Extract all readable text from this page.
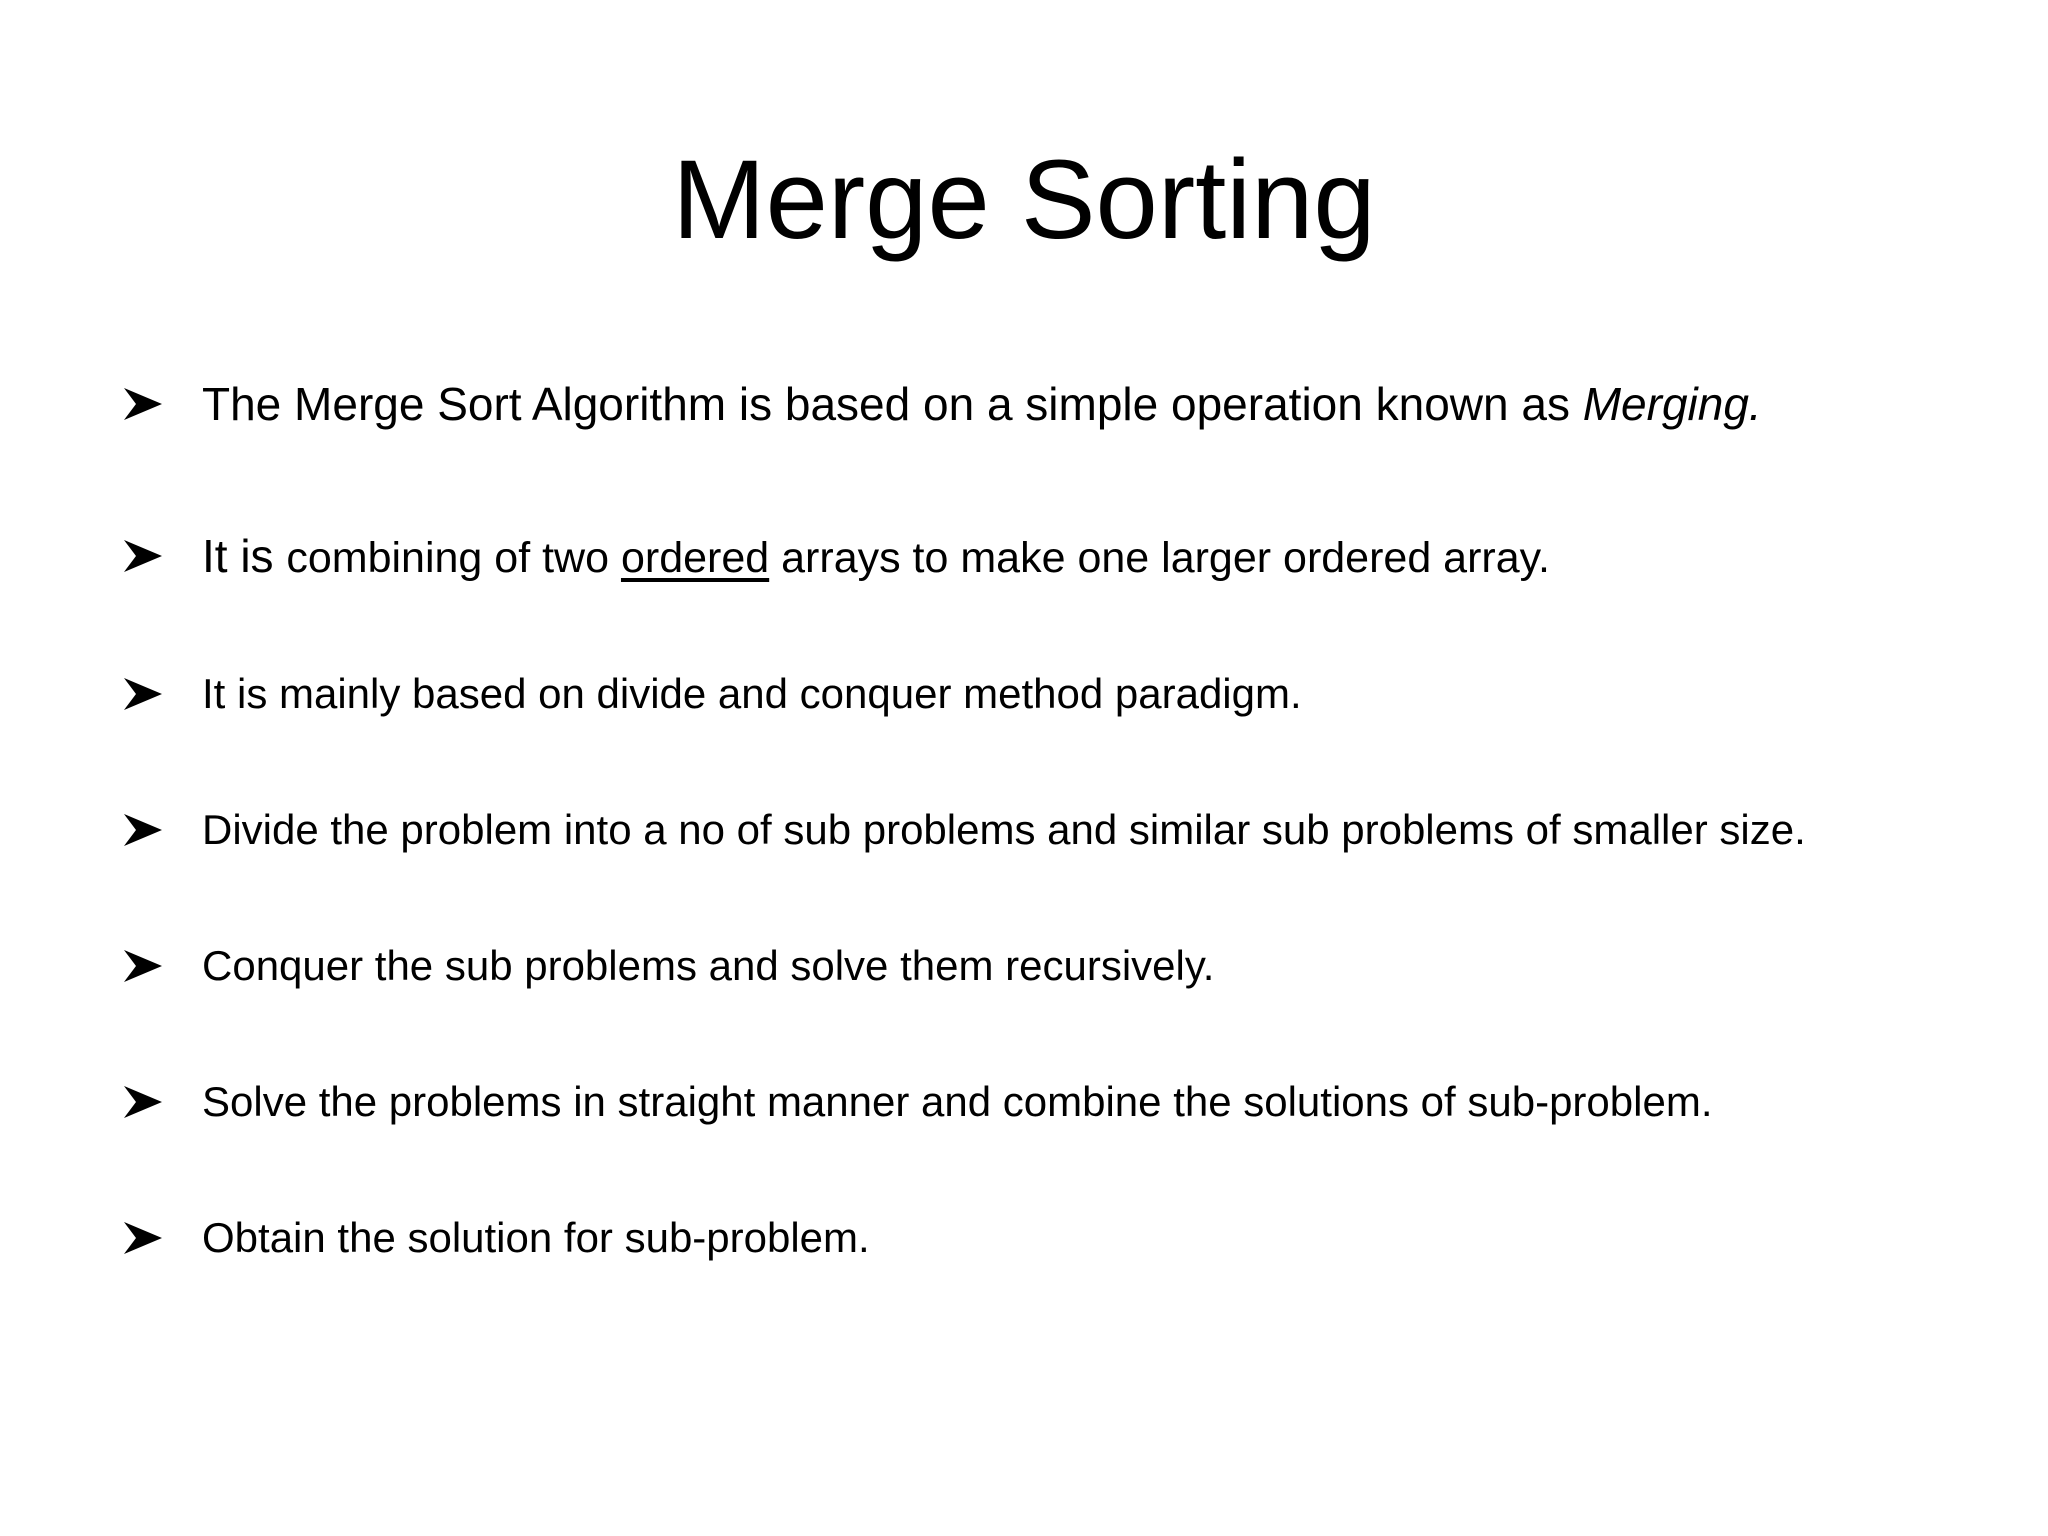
Merge Sorting
The Merge Sort Algorithm is based on a simple operation known as Merging.
It is combining of two ordered arrays to make one larger ordered array.
It is mainly based on divide and conquer method paradigm.
Divide the problem into a no of sub problems and similar sub problems of smaller size.
Conquer the sub problems and solve them recursively.
Solve the problems in straight manner and combine the solutions of sub-problem.
Obtain the solution for sub-problem.
